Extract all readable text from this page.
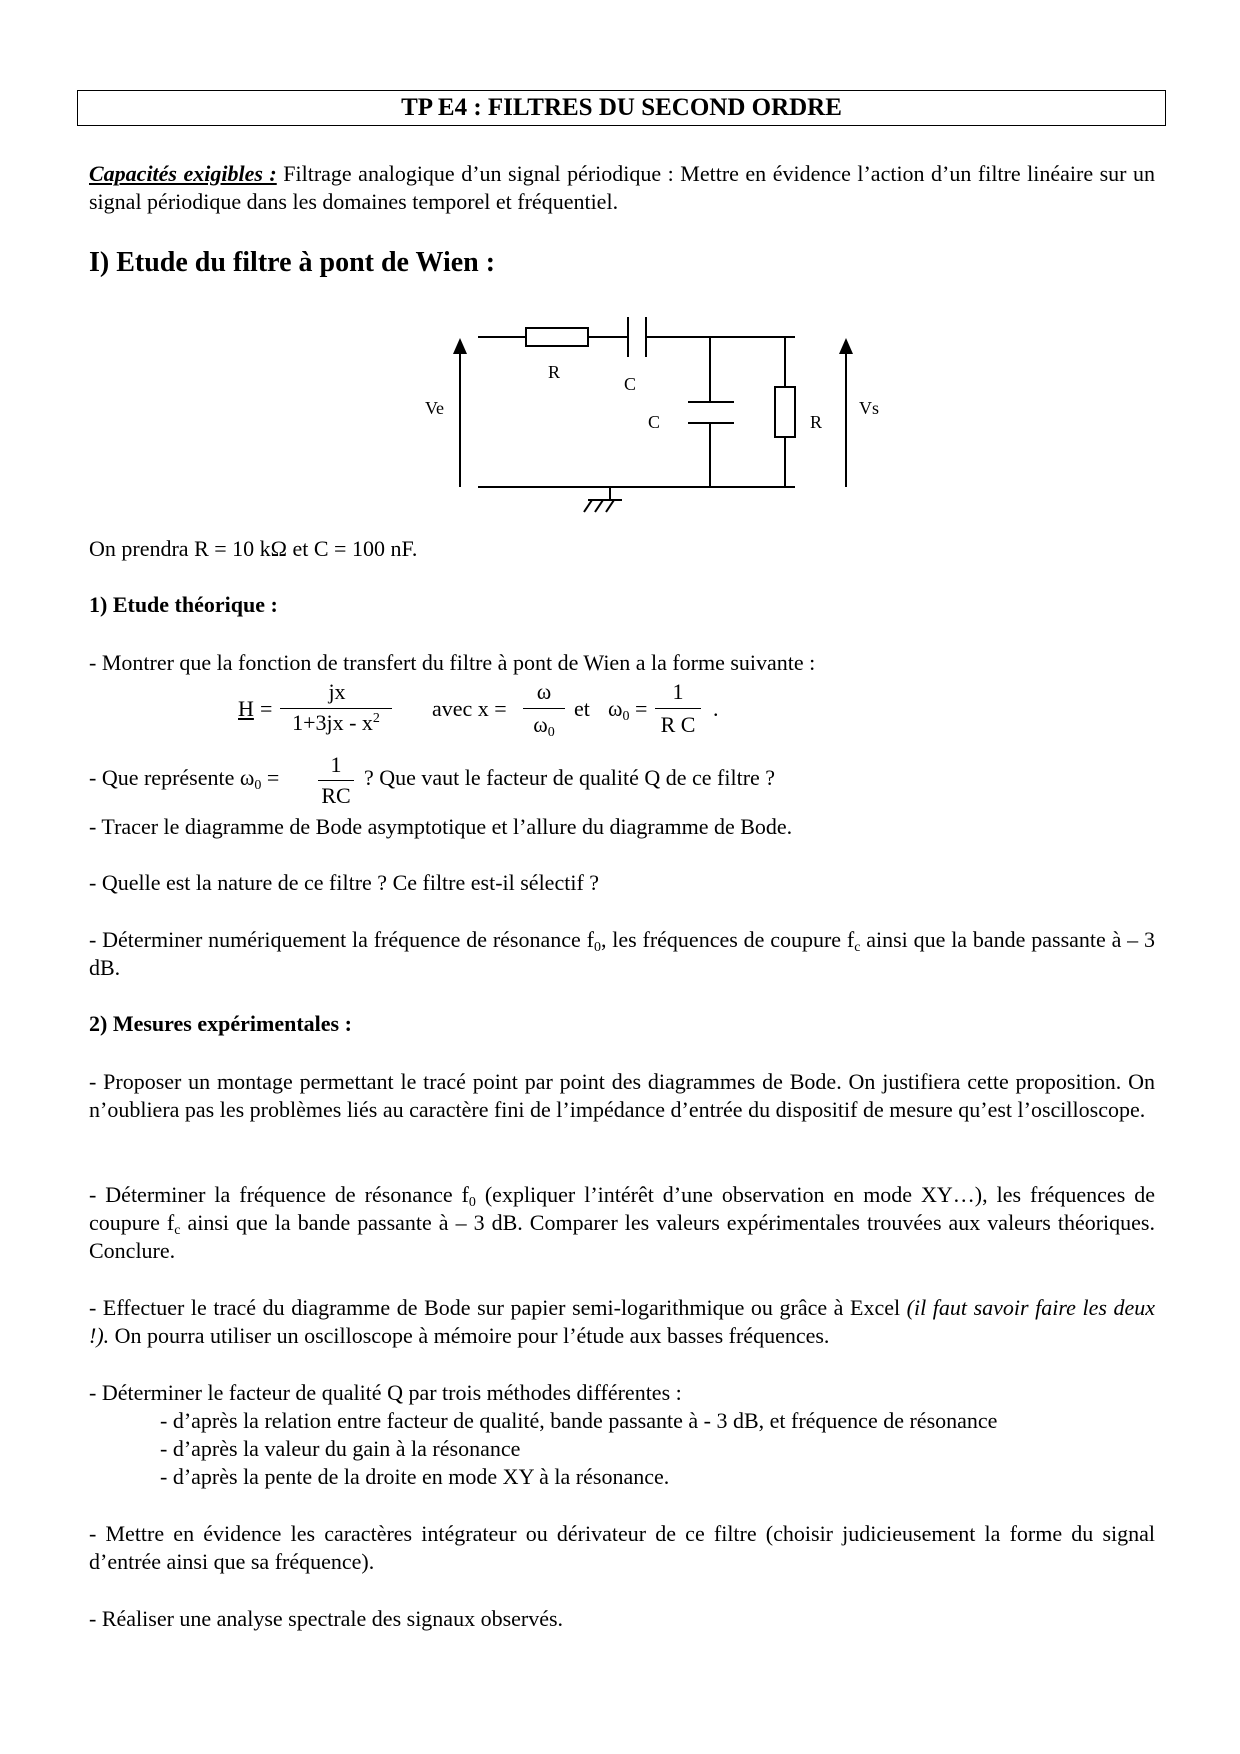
TP E4 : FILTRES DU SECOND ORDRE
Capacités exigibles : Filtrage analogique d’un signal périodique : Mettre en évidence l’action d’un filtre linéaire sur un signal périodique dans les domaines temporel et fréquentiel.
I) Etude du filtre à pont de Wien :
Ve	Vs
R
C
C	R
On prendra R = 10 kΩ et C = 100 nF.
1) Etude théorique :
- Montrer que la fonction de transfert du filtre à pont de Wien a la forme suivante :
H =
jx
$1+3jx - x^2$	avec x =
ω
$\omega_0$
et $\omega_0$ =
1
R C
.
- Que représente $\omega_0$ =
1
RC
? Que vaut le facteur de qualité Q de ce filtre ?
- Tracer le diagramme de Bode asymptotique et l’allure du diagramme de Bode.
- Quelle est la nature de ce filtre ? Ce filtre est-il sélectif ?
- Déterminer numériquement la fréquence de résonance $f_0$, les fréquences de coupure $f_c$ ainsi que la bande passante à – 3 dB.
2) Mesures expérimentales :
- Proposer un montage permettant le tracé point par point des diagrammes de Bode. On justifiera cette proposition. On n’oubliera pas les problèmes liés au caractère fini de l’impédance d’entrée du dispositif de mesure qu’est l’oscilloscope.
- Déterminer la fréquence de résonance $f_0$ (expliquer l’intérêt d’une observation en mode XY…), les fréquences de coupure $f_c$ ainsi que la bande passante à – 3 dB. Comparer les valeurs expérimentales trouvées aux valeurs théoriques. Conclure.
- Effectuer le tracé du diagramme de Bode sur papier semi-logarithmique ou grâce à Excel (il faut savoir faire les deux !). On pourra utiliser un oscilloscope à mémoire pour l’étude aux basses fréquences.
- Déterminer le facteur de qualité Q par trois méthodes différentes :
- d’après la relation entre facteur de qualité, bande passante à - 3 dB, et fréquence de résonance
- d’après la valeur du gain à la résonance
- d’après la pente de la droite en mode XY à la résonance.
- Mettre en évidence les caractères intégrateur ou dérivateur de ce filtre (choisir judicieusement la forme du signal d’entrée ainsi que sa fréquence).
- Réaliser une analyse spectrale des signaux observés.
